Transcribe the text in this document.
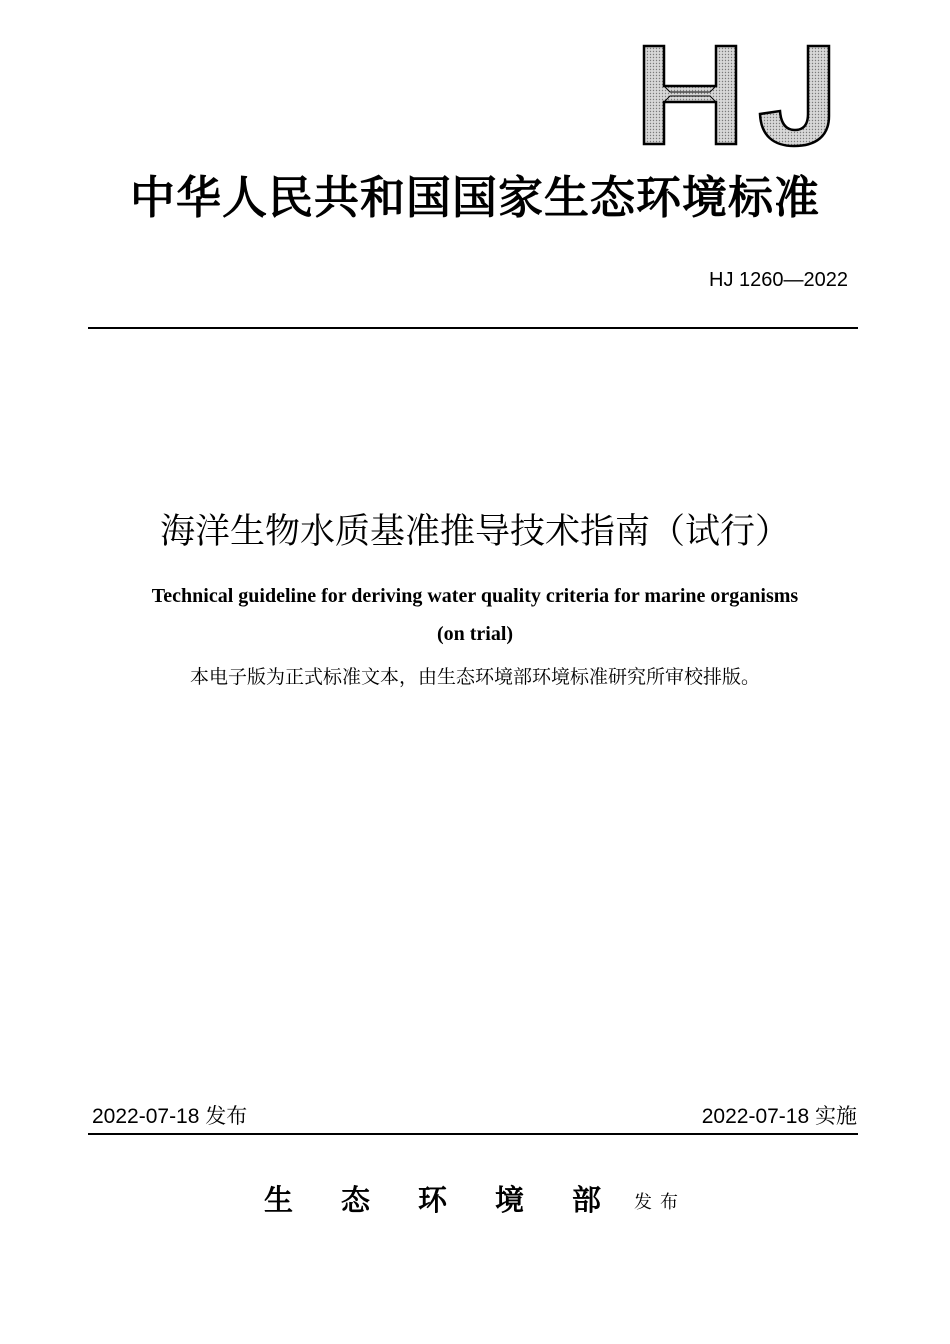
中华人民共和国国家生态环境标准
HJ 1260—2022
海洋生物水质基准推导技术指南（试行）
Technical guideline for deriving water quality criteria for marine organisms
(on trial)
本电子版为正式标准文本，由生态环境部环境标准研究所审校排版。
2022-07-18 发布	2022-07-18 实施
生态环境部 发布
